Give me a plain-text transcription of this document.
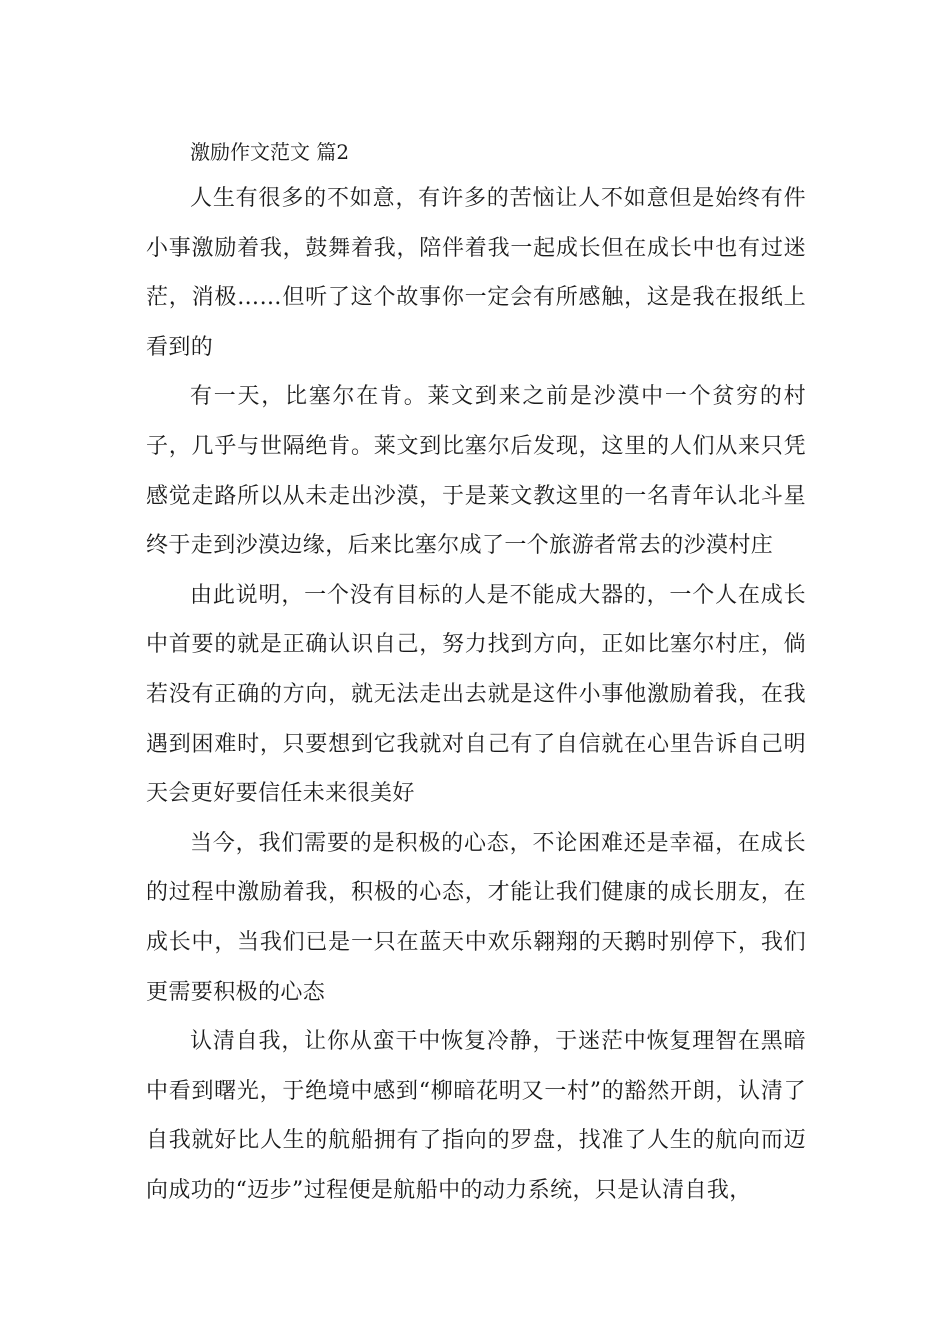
激励作文范文 篇2

人生有很多的不如意，有许多的苦恼让人不如意但是始终有件小事激励着我，鼓舞着我，陪伴着我一起成长但在成长中也有过迷茫，消极……但听了这个故事你一定会有所感触，这是我在报纸上看到的

有一天，比塞尔在肯。莱文到来之前是沙漠中一个贫穷的村子，几乎与世隔绝肯。莱文到比塞尔后发现，这里的人们从来只凭感觉走路所以从未走出沙漠，于是莱文教这里的一名青年认北斗星终于走到沙漠边缘，后来比塞尔成了一个旅游者常去的沙漠村庄

由此说明，一个没有目标的人是不能成大器的，一个人在成长中首要的就是正确认识自己，努力找到方向，正如比塞尔村庄，倘若没有正确的方向，就无法走出去就是这件小事他激励着我，在我遇到困难时，只要想到它我就对自己有了自信就在心里告诉自己明天会更好要信任未来很美好

当今，我们需要的是积极的心态，不论困难还是幸福，在成长的过程中激励着我，积极的心态，才能让我们健康的成长朋友，在成长中，当我们已是一只在蓝天中欢乐翱翔的天鹅时别停下，我们更需要积极的心态

认清自我，让你从蛮干中恢复冷静，于迷茫中恢复理智在黑暗中看到曙光，于绝境中感到“柳暗花明又一村”的豁然开朗，认清了自我就好比人生的航船拥有了指向的罗盘，找准了人生的航向而迈向成功的“迈步”过程便是航船中的动力系统，只是认清自我，
